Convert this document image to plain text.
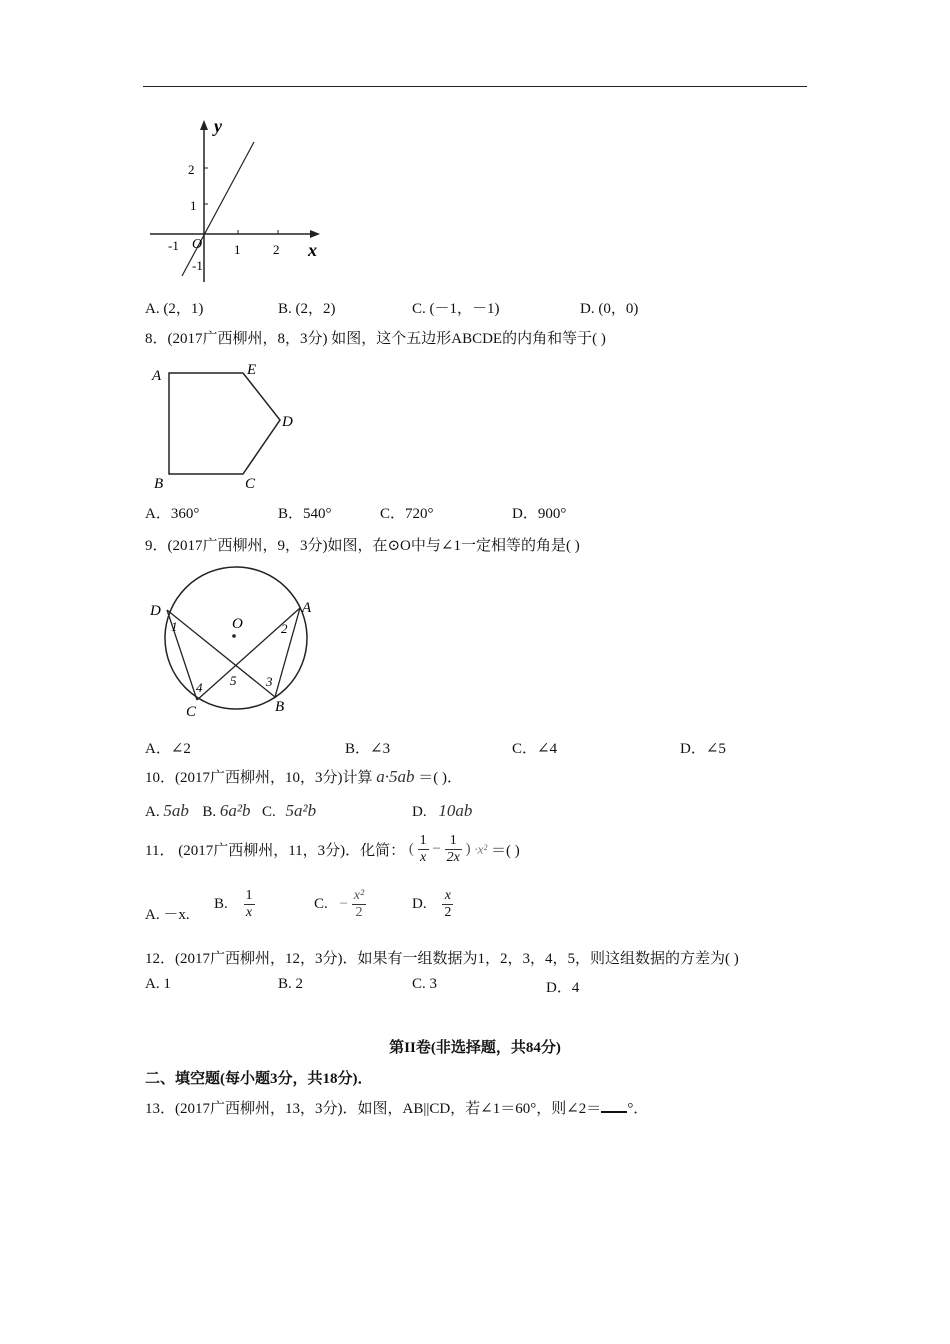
y
x
O
-1	1	2
2
1
-1
A. (2，1)	B. (2，2)	C. (－1，－1)	D. (0，0)
8．(2017广西柳州，8，3分) 如图，这个五边形ABCDE的内角和等于( )
A
B	C
D
E
A．360°	B．540°	C．720°	D．900°
9．(2017广西柳州，9，3分)如图，在⊙O中与∠1一定相等的角是( )
O
A
B
C
D
1	2
3
4 5
A．∠2	B．∠3	C．∠4	D．∠5
10．(2017广西柳州，10，3分)计算 a·5ab ＝( )．
A. 5ab B. 6a²b C. 5a²b	D. 10ab
11． (2017广西柳州，11，3分)．化简： ( $\frac{1}{x} - \frac{1}{2x}$ ) ·x² ＝( )
A. －x.
B. $\frac{1}{x}$	C. − $\frac{\text{x²}}{2}$	D. $\frac{x}{2}$
12．(2017广西柳州，12，3分)．如果有一组数据为1，2，3，4，5，则这组数据的方差为( )
A. 1	B. 2	C. 3	D．4
第II卷(非选择题，共84分)
二、填空题(每小题3分，共18分)．
13．(2017广西柳州，13，3分)．如图，AB||CD，若∠1＝60°，则∠2＝ °．
